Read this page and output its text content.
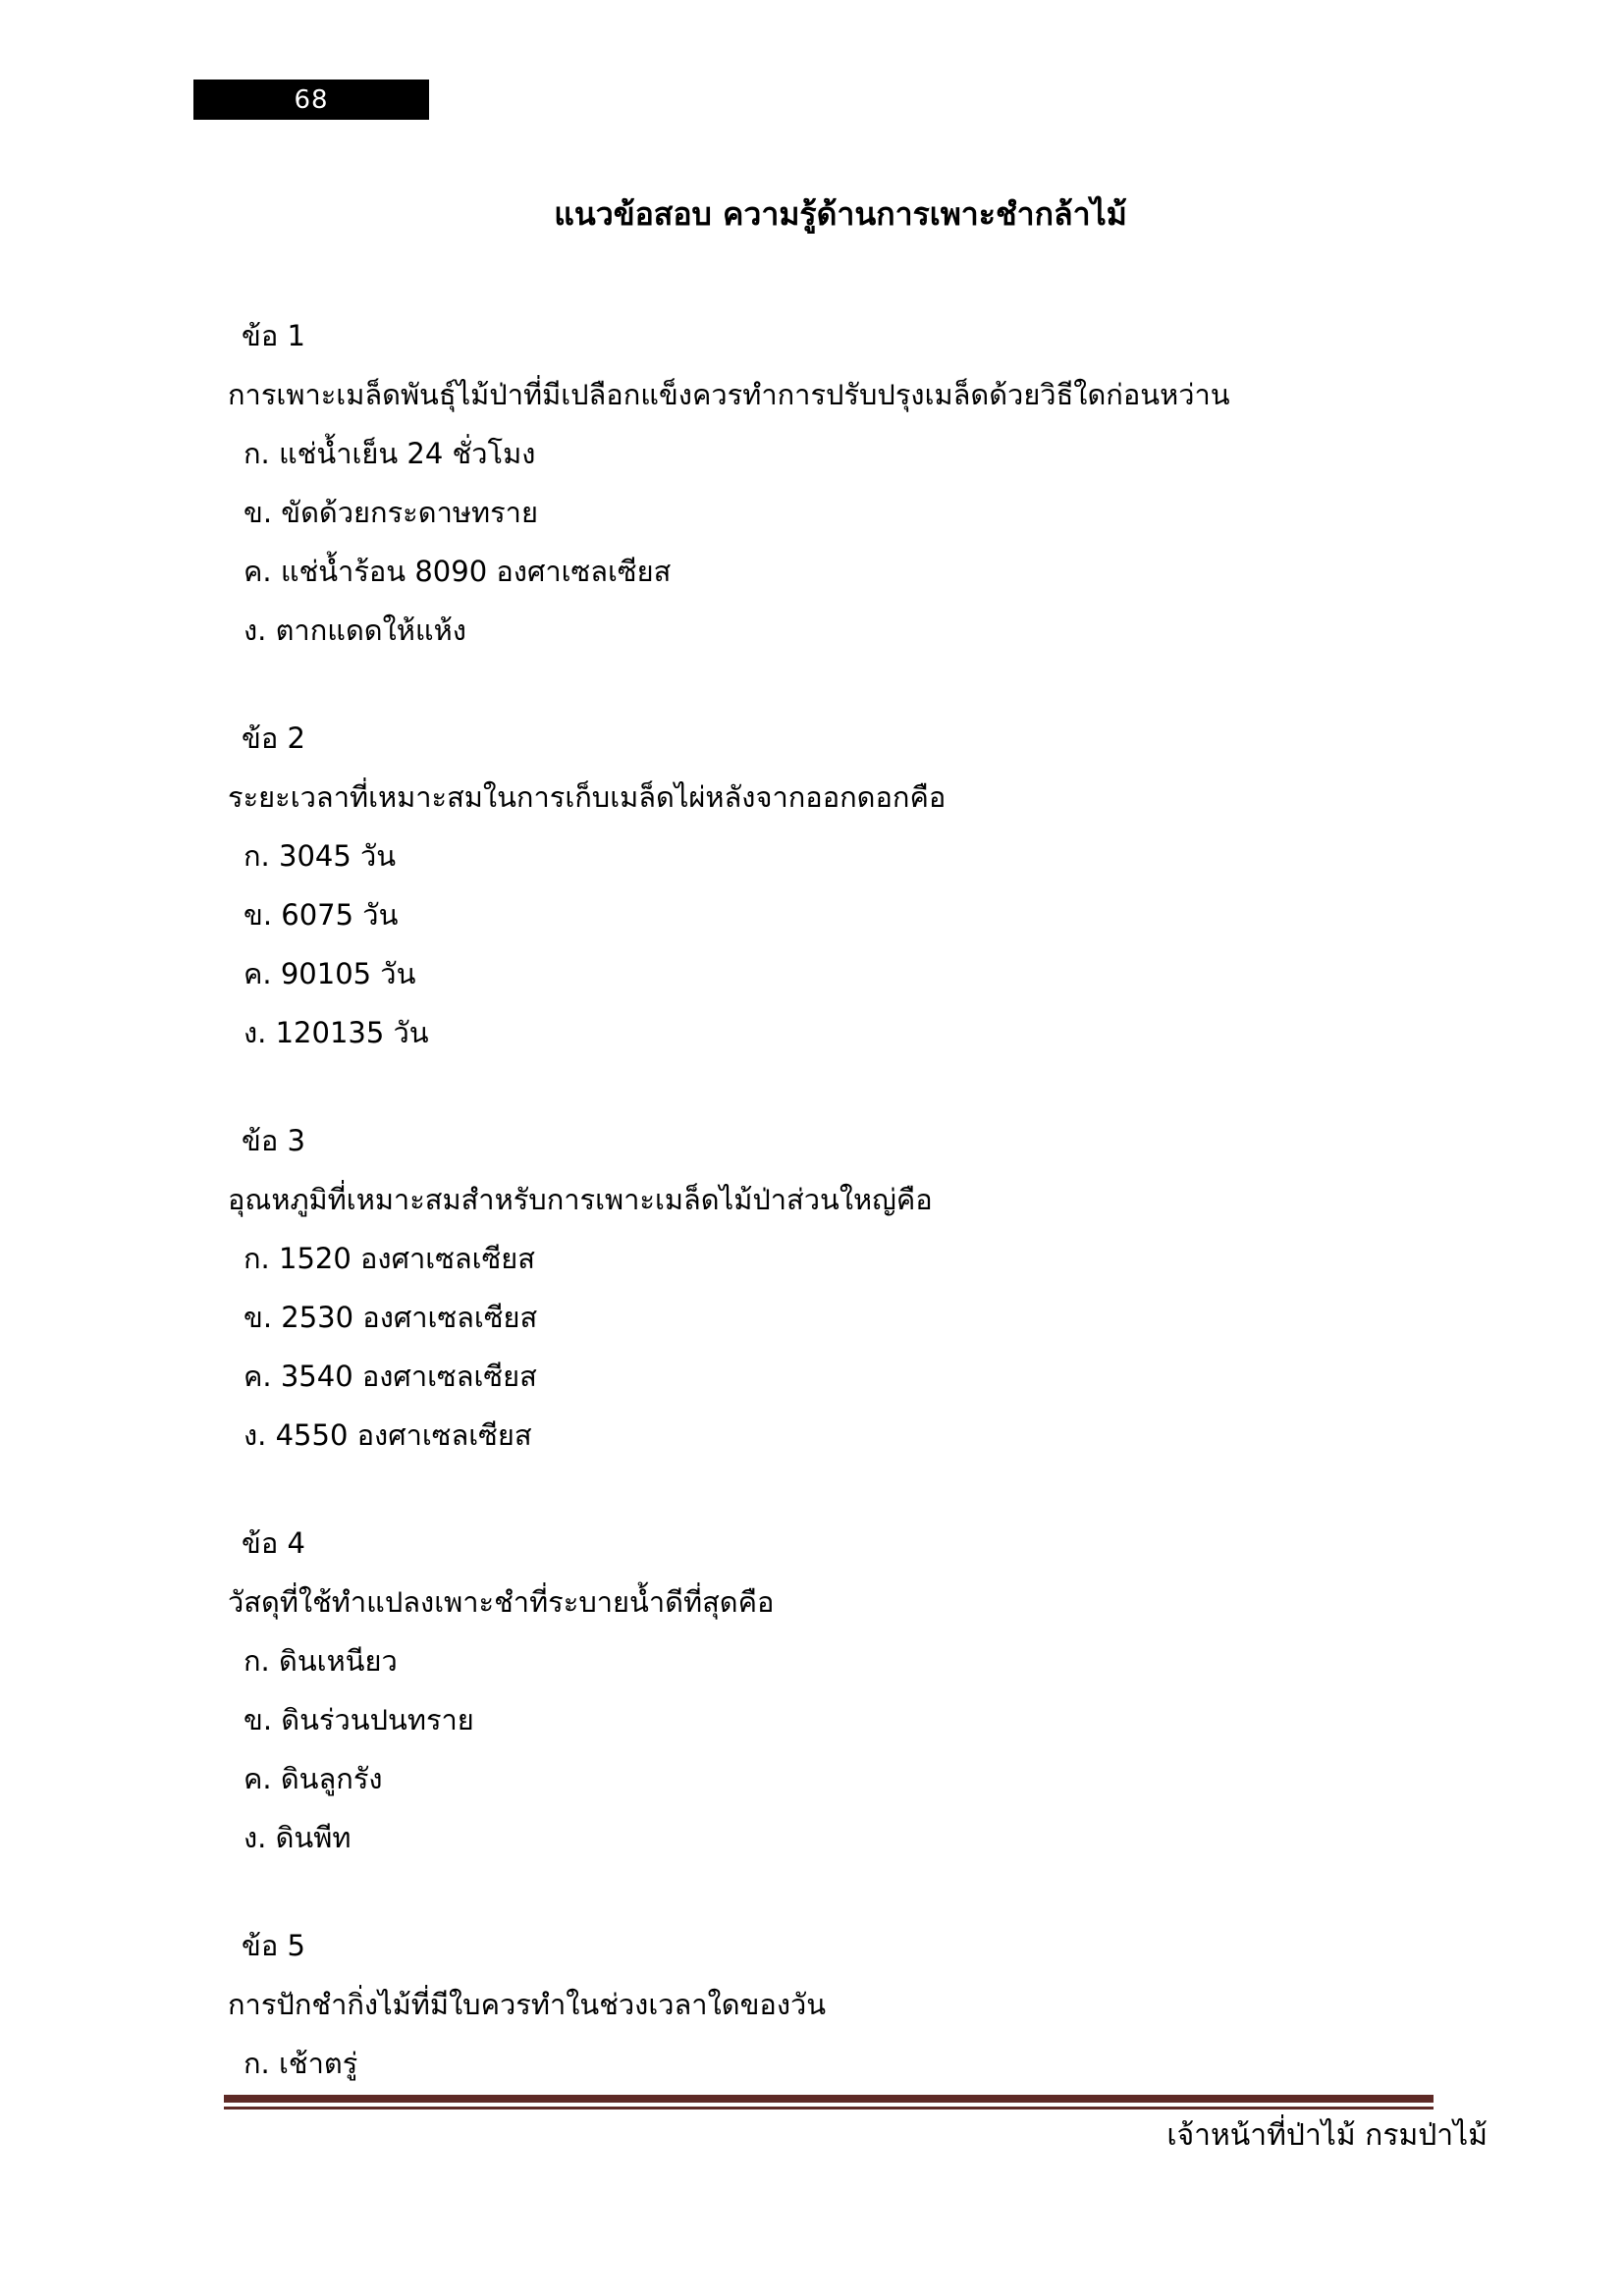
68
แนวข้อสอบ ความรู้ด้านการเพาะชำกล้าไม้
ข้อ 1
การเพาะเมล็ดพันธุ์ไม้ป่าที่มีเปลือกแข็งควรทำการปรับปรุงเมล็ดด้วยวิธีใดก่อนหว่าน
ก. แช่น้ำเย็น 24 ชั่วโมง
ข. ขัดด้วยกระดาษทราย
ค. แช่น้ำร้อน 8090 องศาเซลเซียส
ง. ตากแดดให้แห้ง
ข้อ 2
ระยะเวลาที่เหมาะสมในการเก็บเมล็ดไผ่หลังจากออกดอกคือ
ก. 3045 วัน
ข. 6075 วัน
ค. 90105 วัน
ง. 120135 วัน
ข้อ 3
อุณหภูมิที่เหมาะสมสำหรับการเพาะเมล็ดไม้ป่าส่วนใหญ่คือ
ก. 1520 องศาเซลเซียส
ข. 2530 องศาเซลเซียส
ค. 3540 องศาเซลเซียส
ง. 4550 องศาเซลเซียส
ข้อ 4
วัสดุที่ใช้ทำแปลงเพาะชำที่ระบายน้ำดีที่สุดคือ
ก. ดินเหนียว
ข. ดินร่วนปนทราย
ค. ดินลูกรัง
ง. ดินพีท
ข้อ 5
การปักชำกิ่งไม้ที่มีใบควรทำในช่วงเวลาใดของวัน
ก. เช้าตรู่
เจ้าหน้าที่ป่าไม้ กรมป่าไม้
